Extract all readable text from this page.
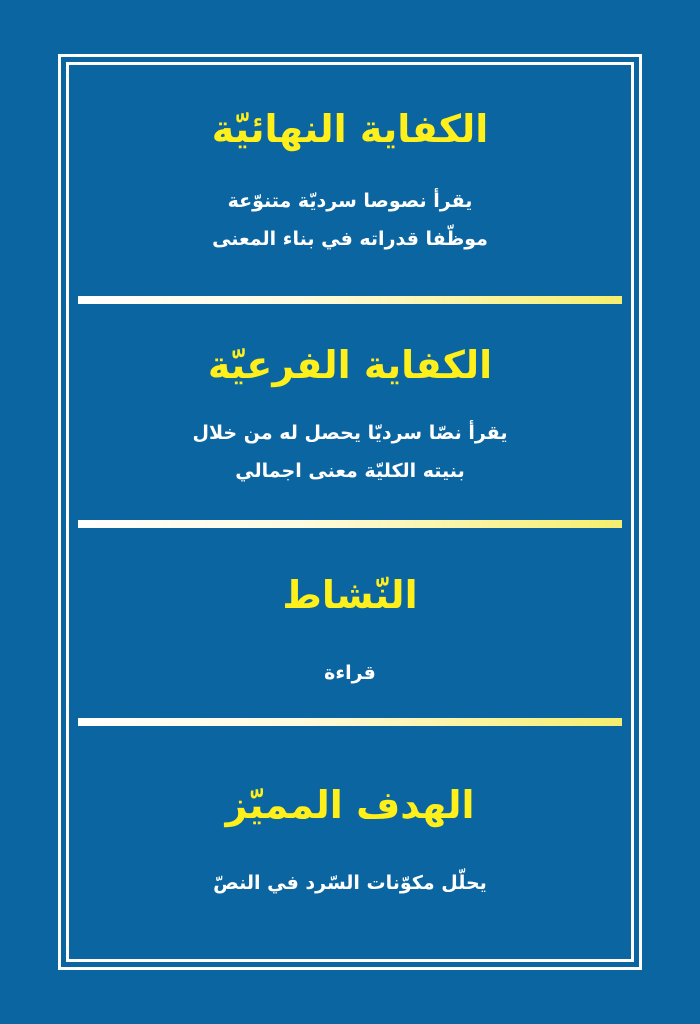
الكفاية النهائيّة

يقرأ نصوصا سرديّة متنوّعة

موظّفا قدراته في بناء المعنى

الكفاية الفرعيّة

يقرأ نصّا سرديّا يحصل له من خلال

بنيته الكليّة معنى اجمالي

النّشاط

قراءة

الهدف المميّز

يحلّل مكوّنات السّرد في النصّ
